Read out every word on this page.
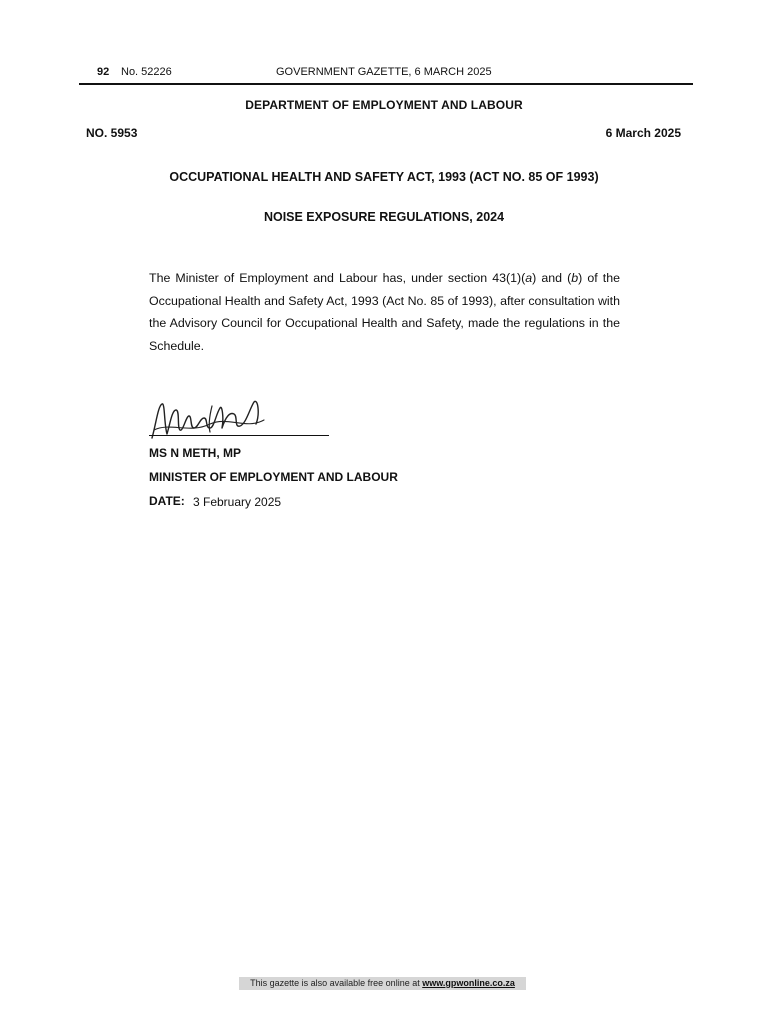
92 No. 52226	GOVERNMENT GAZETTE, 6 MARCH 2025
DEPARTMENT OF EMPLOYMENT AND LABOUR
NO. 5953	6 March 2025
OCCUPATIONAL HEALTH AND SAFETY ACT, 1993 (ACT NO. 85 OF 1993)
NOISE EXPOSURE REGULATIONS, 2024
The Minister of Employment and Labour has, under section 43(1)(a) and (b) of the Occupational Health and Safety Act, 1993 (Act No. 85 of 1993), after consultation with the Advisory Council for Occupational Health and Safety, made the regulations in the Schedule.
MS N METH, MP
MINISTER OF EMPLOYMENT AND LABOUR
DATE: 3 February 2025
This gazette is also available free online at www.gpwonline.co.za
